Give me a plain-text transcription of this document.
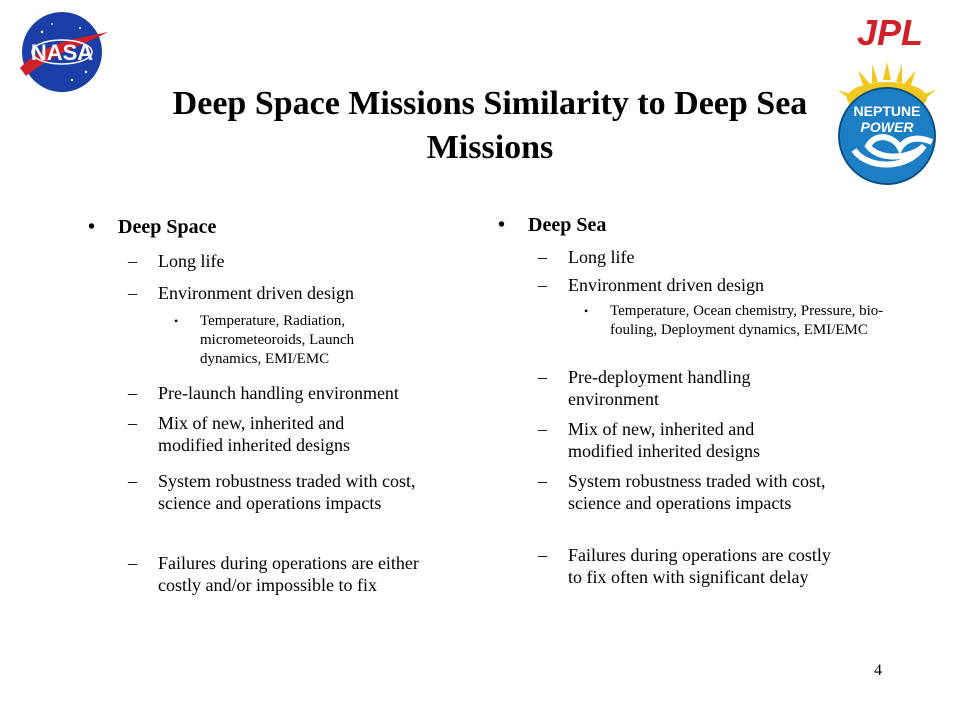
NASA	JPL
NEPTUNE
POWER
Deep Space Missions Similarity to Deep Sea
Missions
•	Deep Space
–	Long life
–	Environment driven design
•	Temperature, Radiation, micrometeoroids, Launch dynamics, EMI/EMC
–	Pre-launch handling environment
–	Mix of new, inherited and modified inherited designs
–	System robustness traded with cost, science and operations impacts
–	Failures during operations are either costly and/or impossible to fix
•	Deep Sea
–	Long life
–	Environment driven design
•	Temperature, Ocean chemistry, Pressure, bio-fouling, Deployment dynamics, EMI/EMC
–	Pre-deployment handling environment
–	Mix of new, inherited and modified inherited designs
–	System robustness traded with cost, science and operations impacts
–	Failures during operations are costly to fix often with significant delay
4
